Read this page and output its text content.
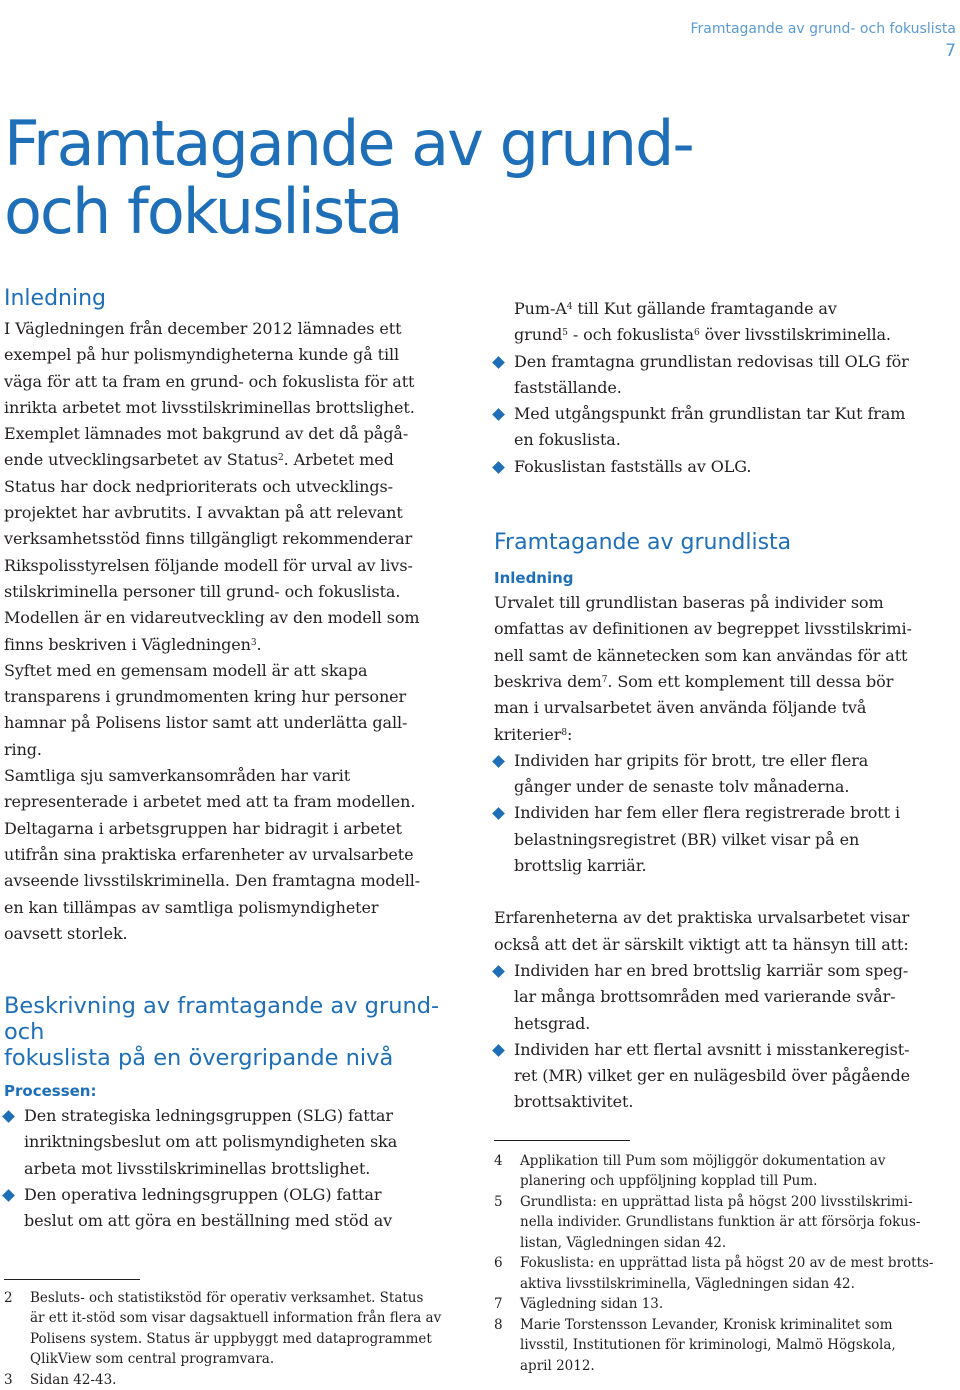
Framtagande av grund- och fokuslista
7
Framtagande av grund-
och fokuslista
Inledning
I Vägledningen från december 2012 lämnades ett
exempel på hur polismyndigheterna kunde gå till
väga för att ta fram en grund- och fokuslista för att
inrikta arbetet mot livsstilskriminellas brottslighet.
Exemplet lämnades mot bakgrund av det då pågå-
ende utvecklingsarbetet av Status$^2$. Arbetet med
Status har dock nedprioriterats och utvecklings-
projektet har avbrutits. I avvaktan på att relevant
verksamhetsstöd finns tillgängligt rekommenderar
Rikspolisstyrelsen följande modell för urval av livs-
stilskriminella personer till grund- och fokuslista.
Modellen är en vidareutveckling av den modell som
finns beskriven i Vägledningen$^3$.
Syftet med en gemensam modell är att skapa
transparens i grundmomenten kring hur personer
hamnar på Polisens listor samt att underlätta gall-
ring.
Samtliga sju samverkansområden har varit
representerade i arbetet med att ta fram modellen.
Deltagarna i arbetsgruppen har bidragit i arbetet
utifrån sina praktiska erfarenheter av urvalsarbete
avseende livsstilskriminella. Den framtagna modell-
en kan tillämpas av samtliga polismyndigheter
oavsett storlek.
Beskrivning av framtagande av grund- och
fokuslista på en övergripande nivå
Processen:
Den strategiska ledningsgruppen (SLG) fattar
inriktningsbeslut om att polismyndigheten ska
arbeta mot livsstilskriminellas brottslighet.
Den operativa ledningsgruppen (OLG) fattar
beslut om att göra en beställning med stöd av
2 Besluts- och statistikstöd för operativ verksamhet. Status
är ett it-stöd som visar dagsaktuell information från flera av
Polisens system. Status är uppbyggt med dataprogrammet
QlikView som central programvara.
3 Sidan 42-43.
Pum-$A^4$ till Kut gällande framtagande av
grund$^5$ - och fokuslista$^6$ över livsstilskriminella.
Den framtagna grundlistan redovisas till OLG för
fastställande.
Med utgångspunkt från grundlistan tar Kut fram
en fokuslista.
Fokuslistan fastställs av OLG.
Framtagande av grundlista
Inledning
Urvalet till grundlistan baseras på individer som
omfattas av definitionen av begreppet livsstilskrimi-
nell samt de kännetecken som kan användas för att
beskriva dem$^7$. Som ett komplement till dessa bör
man i urvalsarbetet även använda följande två
kriterier$^8$:
Individen har gripits för brott, tre eller flera
gånger under de senaste tolv månaderna.
Individen har fem eller flera registrerade brott i
belastningsregistret (BR) vilket visar på en
brottslig karriär.
Erfarenheterna av det praktiska urvalsarbetet visar
också att det är särskilt viktigt att ta hänsyn till att:
Individen har en bred brottslig karriär som speg-
lar många brottsområden med varierande svår-
hetsgrad.
Individen har ett flertal avsnitt i misstankeregist-
ret (MR) vilket ger en nulägesbild över pågående
brottsaktivitet.
4 Applikation till Pum som möjliggör dokumentation av
planering och uppföljning kopplad till Pum.
5 Grundlista: en upprättad lista på högst 200 livsstilskrimi-
nella individer. Grundlistans funktion är att försörja fokus-
listan, Vägledningen sidan 42.
6 Fokuslista: en upprättad lista på högst 20 av de mest brotts-
aktiva livsstilskriminella, Vägledningen sidan 42.
7 Vägledning sidan 13.
8 Marie Torstensson Levander, Kronisk kriminalitet som
livsstil, Institutionen för kriminologi, Malmö Högskola,
april 2012.
